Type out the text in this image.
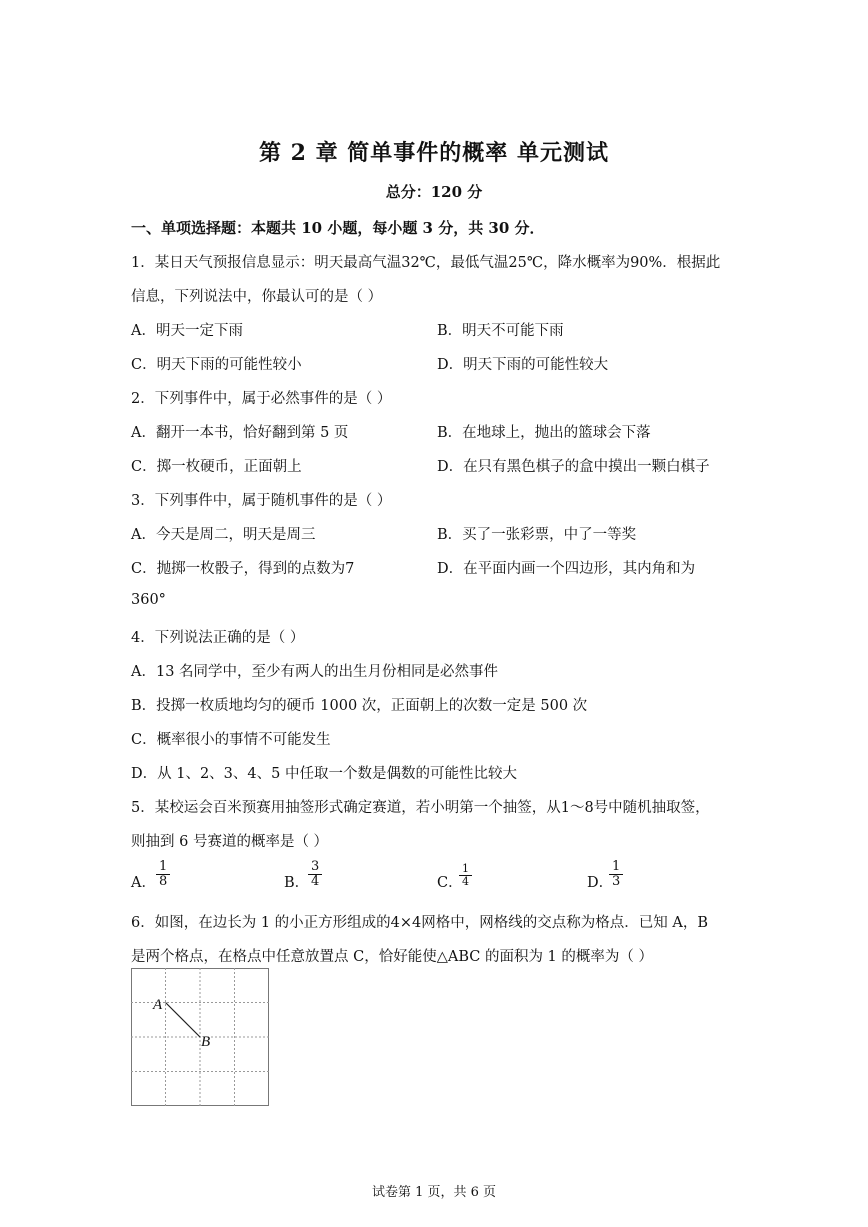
第 2 章 简单事件的概率 单元测试
总分：120 分
一、单项选择题：本题共 10 小题，每小题 3 分，共 30 分．
1．某日天气预报信息显示：明天最高气温32℃，最低气温25℃，降水概率为90%．根据此
信息，下列说法中，你最认可的是（ ）
A．明天一定下雨	B．明天不可能下雨
C．明天下雨的可能性较小	D．明天下雨的可能性较大
2．下列事件中，属于必然事件的是（ ）
A．翻开一本书，恰好翻到第 5 页	B．在地球上，抛出的篮球会下落
C．掷一枚硬币，正面朝上	D．在只有黑色棋子的盒中摸出一颗白棋子
3．下列事件中，属于随机事件的是（ ）
A．今天是周二，明天是周三	B．买了一张彩票，中了一等奖
C．抛掷一枚骰子，得到的点数为7	D．在平面内画一个四边形，其内角和为
360°
4．下列说法正确的是（ ）
A．13 名同学中，至少有两人的出生月份相同是必然事件
B．投掷一枚质地均匀的硬币 1000 次，正面朝上的次数一定是 500 次
C．概率很小的事情不可能发生
D．从 1、2、3、4、5 中任取一个数是偶数的可能性比较大
5．某校运会百米预赛用抽签形式确定赛道，若小明第一个抽签，从1～8号中随机抽取签，
则抽到 6 号赛道的概率是（ ）
A． $\frac{1}{8}$	B．
$\frac{3}{4}$	C．
$\frac{1}{4}$	D．
$\frac{1}{3}$
6．如图，在边长为 1 的小正方形组成的4×4网格中，网格线的交点称为格点．已知 A，B
是两个格点，在格点中任意放置点 C，恰好能使△ABC 的面积为 1 的概率为（ ）
A
B
试卷第 1 页，共 6 页
